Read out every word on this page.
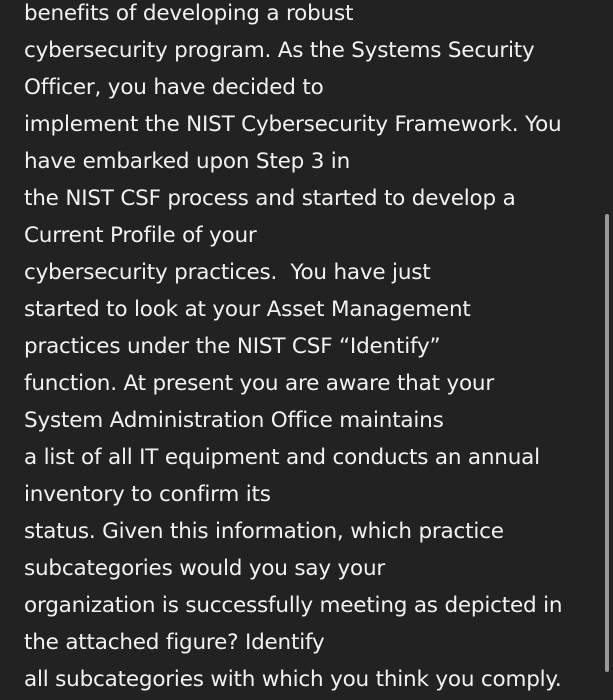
benefits of developing a robust
cybersecurity program. As the Systems Security
Officer, you have decided to
implement the NIST Cybersecurity Framework. You
have embarked upon Step 3 in
the NIST CSF process and started to develop a
Current Profile of your
cybersecurity practices.  You have just
started to look at your Asset Management
practices under the NIST CSF “Identify”
function. At present you are aware that your
System Administration Office maintains
a list of all IT equipment and conducts an annual
inventory to confirm its
status. Given this information, which practice
subcategories would you say your
organization is successfully meeting as depicted in
the attached figure? Identify
all subcategories with which you think you comply.
